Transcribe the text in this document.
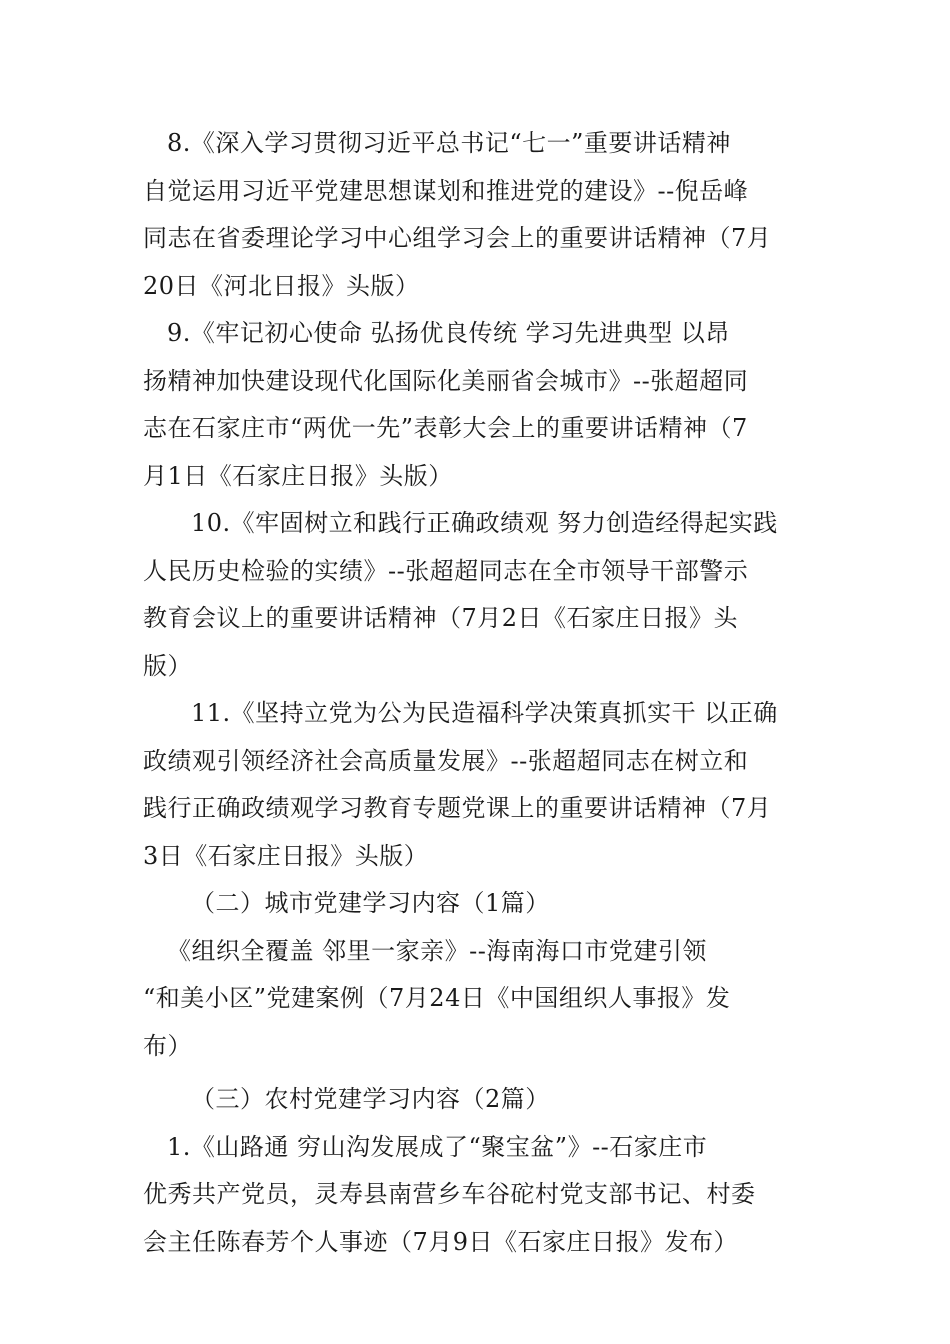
8.《深入学习贯彻习近平总书记“七一”重要讲话精神
自觉运用习近平党建思想谋划和推进党的建设》--倪岳峰
同志在省委理论学习中心组学习会上的重要讲话精神（7月
20日《河北日报》头版）
9.《牢记初心使命 弘扬优良传统 学习先进典型 以昂
扬精神加快建设现代化国际化美丽省会城市》--张超超同
志在石家庄市“两优一先”表彰大会上的重要讲话精神（7
月1日《石家庄日报》头版）
10.《牢固树立和践行正确政绩观 努力创造经得起实践
人民历史检验的实绩》--张超超同志在全市领导干部警示
教育会议上的重要讲话精神（7月2日《石家庄日报》头
版）
11.《坚持立党为公为民造福科学决策真抓实干 以正确
政绩观引领经济社会高质量发展》--张超超同志在树立和
践行正确政绩观学习教育专题党课上的重要讲话精神（7月
3日《石家庄日报》头版）
（二）城市党建学习内容（1篇）
《组织全覆盖 邻里一家亲》--海南海口市党建引领
“和美小区”党建案例（7月24日《中国组织人事报》发
布）
（三）农村党建学习内容（2篇）
1.《山路通 穷山沟发展成了“聚宝盆”》--石家庄市
优秀共产党员，灵寿县南营乡车谷砣村党支部书记、村委
会主任陈春芳个人事迹（7月9日《石家庄日报》发布）
